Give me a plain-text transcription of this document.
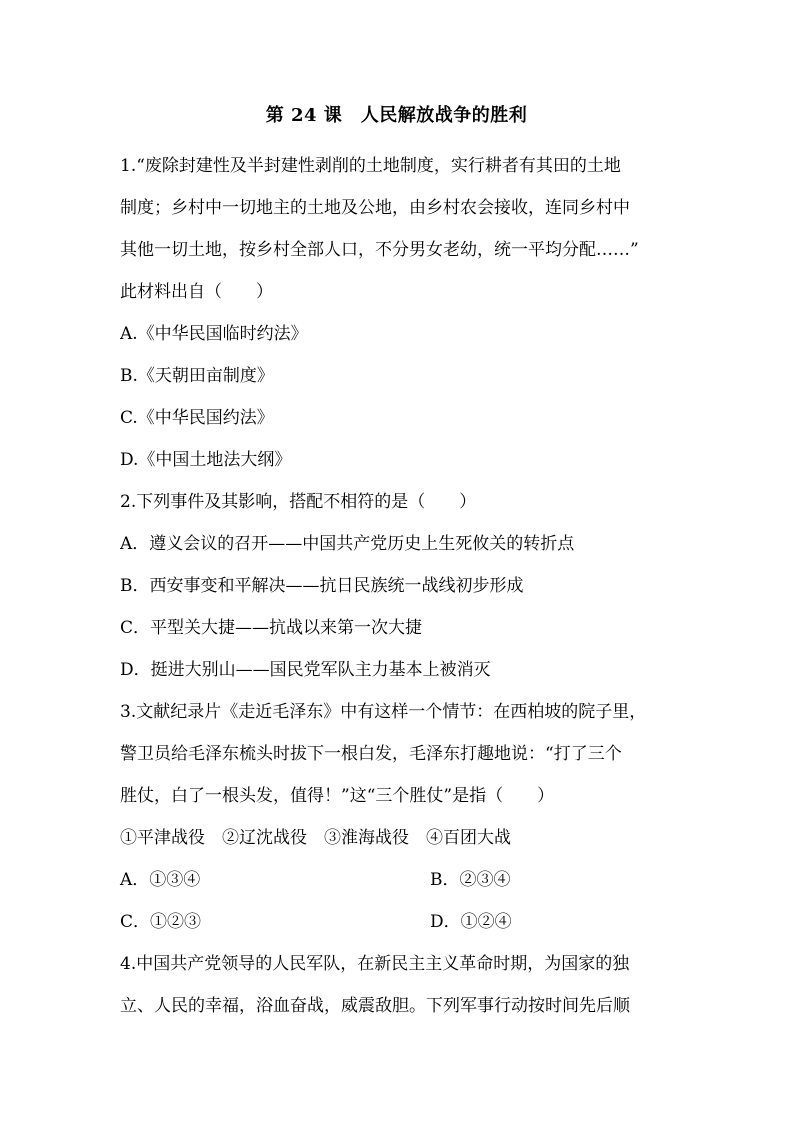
第 24 课　人民解放战争的胜利
1.“废除封建性及半封建性剥削的土地制度，实行耕者有其田的土地
制度；乡村中一切地主的土地及公地，由乡村农会接收，连同乡村中
其他一切土地，按乡村全部人口，不分男女老幼，统一平均分配……”
此材料出自（　　）
A.《中华民国临时约法》
B.《天朝田亩制度》
C.《中华民国约法》
D.《中国土地法大纲》
2.下列事件及其影响，搭配不相符的是（　　）
A．遵义会议的召开——中国共产党历史上生死攸关的转折点
B．西安事变和平解决——抗日民族统一战线初步形成
C．平型关大捷——抗战以来第一次大捷
D．挺进大别山——国民党军队主力基本上被消灭
3.文献纪录片《走近毛泽东》中有这样一个情节：在西柏坡的院子里，
警卫员给毛泽东梳头时拔下一根白发，毛泽东打趣地说：“打了三个
胜仗，白了一根头发，值得！”这“三个胜仗”是指（　　）
①平津战役　②辽沈战役　③淮海战役　④百团大战
A．①③④	B．②③④
C．①②③	D．①②④
4.中国共产党领导的人民军队，在新民主主义革命时期，为国家的独
立、人民的幸福，浴血奋战，威震敌胆。下列军事行动按时间先后顺
